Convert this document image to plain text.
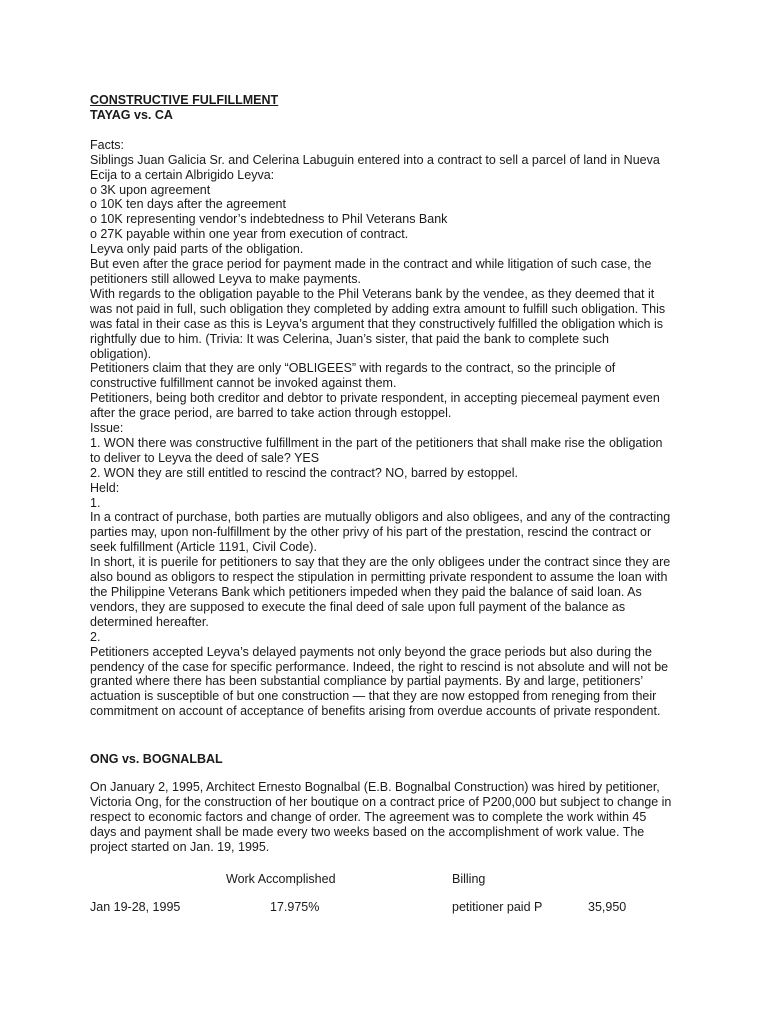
CONSTRUCTIVE FULFILLMENT

TAYAG vs. CA

Facts:

Siblings Juan Galicia Sr. and Celerina Labuguin entered into a contract to sell a parcel of land in Nueva

Ecija to a certain Albrigido Leyva:

o 3K upon agreement

o 10K ten days after the agreement

o 10K representing vendor’s indebtedness to Phil Veterans Bank

o 27K payable within one year from execution of contract.

Leyva only paid parts of the obligation.

But even after the grace period for payment made in the contract and while litigation of such case, the

petitioners still allowed Leyva to make payments.

With regards to the obligation payable to the Phil Veterans bank by the vendee, as they deemed that it

was not paid in full, such obligation they completed by adding extra amount to fulfill such obligation. This

was fatal in their case as this is Leyva’s argument that they constructively fulfilled the obligation which is

rightfully due to him. (Trivia: It was Celerina, Juan’s sister, that paid the bank to complete such

obligation).

Petitioners claim that they are only “OBLIGEES” with regards to the contract, so the principle of

constructive fulfillment cannot be invoked against them.

Petitioners, being both creditor and debtor to private respondent, in accepting piecemeal payment even

after the grace period, are barred to take action through estoppel.

Issue:

1. WON there was constructive fulfillment in the part of the petitioners that shall make rise the obligation

to deliver to Leyva the deed of sale? YES

2. WON they are still entitled to rescind the contract? NO, barred by estoppel.

Held:

1.

In a contract of purchase, both parties are mutually obligors and also obligees, and any of the contracting

parties may, upon non-fulfillment by the other privy of his part of the prestation, rescind the contract or

seek fulfillment (Article 1191, Civil Code).

In short, it is puerile for petitioners to say that they are the only obligees under the contract since they are

also bound as obligors to respect the stipulation in permitting private respondent to assume the loan with

the Philippine Veterans Bank which petitioners impeded when they paid the balance of said loan. As

vendors, they are supposed to execute the final deed of sale upon full payment of the balance as

determined hereafter.

2.

Petitioners accepted Leyva’s delayed payments not only beyond the grace periods but also during the

pendency of the case for specific performance. Indeed, the right to rescind is not absolute and will not be

granted where there has been substantial compliance by partial payments. By and large, petitioners’

actuation is susceptible of but one construction — that they are now estopped from reneging from their

commitment on account of acceptance of benefits arising from overdue accounts of private respondent.

ONG vs. BOGNALBAL

On January 2, 1995, Architect Ernesto Bognalbal (E.B. Bognalbal Construction) was hired by petitioner,

Victoria Ong, for the construction of her boutique on a contract price of P200,000 but subject to change in

respect to economic factors and change of order. The agreement was to complete the work within 45

days and payment shall be made every two weeks based on the accomplishment of work value. The

project started on Jan. 19, 1995.

Work Accomplished	Billing
Jan 19-28, 1995	17.975%	petitioner paid P	35,950
